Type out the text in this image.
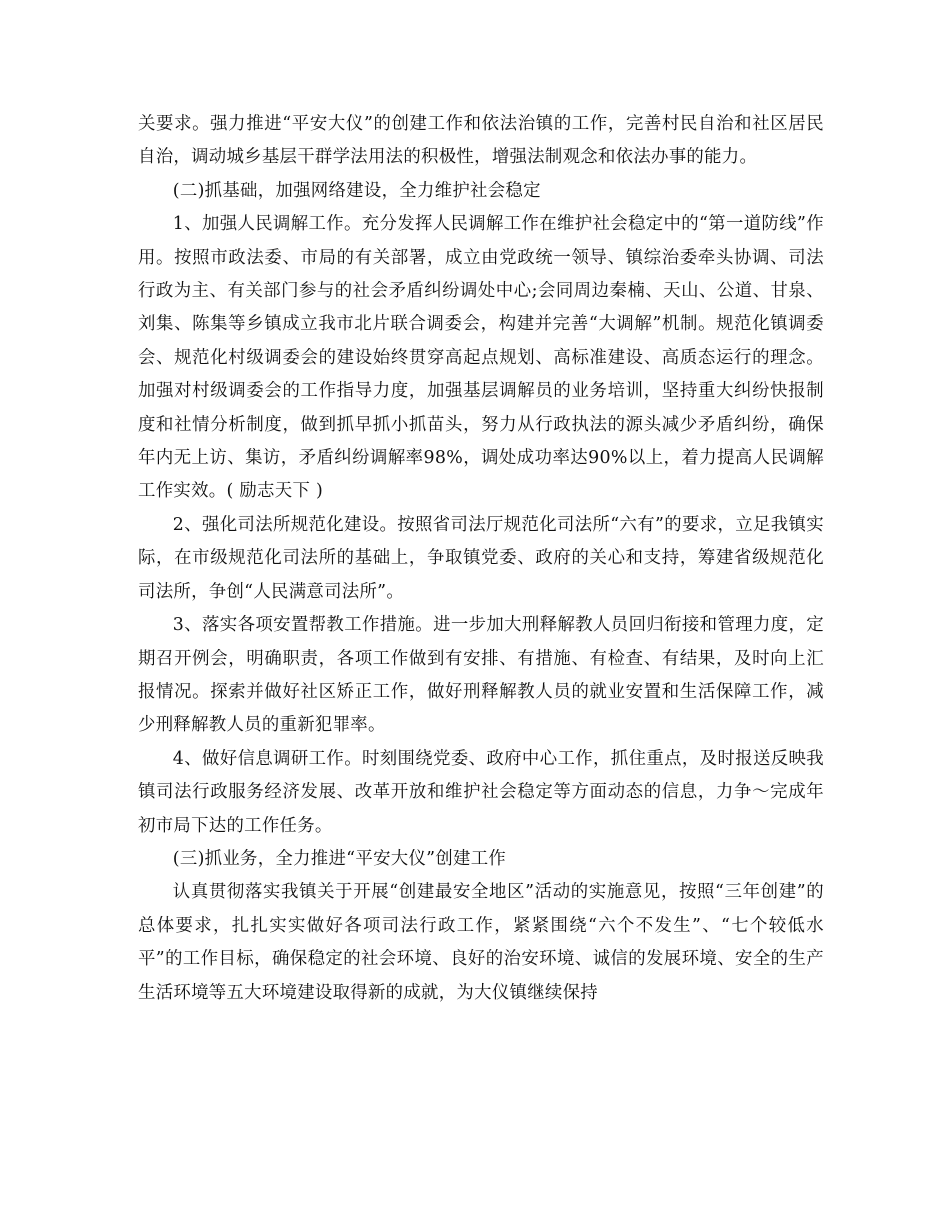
关要求。强力推进“平安大仪”的创建工作和依法治镇的工作，完善村民自治和社区居民自治，调动城乡基层干群学法用法的积极性，增强法制观念和依法办事的能力。

(二)抓基础，加强网络建设，全力维护社会稳定

1、加强人民调解工作。充分发挥人民调解工作在维护社会稳定中的“第一道防线”作用。按照市政法委、市局的有关部署，成立由党政统一领导、镇综治委牵头协调、司法行政为主、有关部门参与的社会矛盾纠纷调处中心;会同周边秦楠、天山、公道、甘泉、刘集、陈集等乡镇成立我市北片联合调委会，构建并完善“大调解”机制。规范化镇调委会、规范化村级调委会的建设始终贯穿高起点规划、高标准建设、高质态运行的理念。加强对村级调委会的工作指导力度，加强基层调解员的业务培训，坚持重大纠纷快报制度和社情分析制度，做到抓早抓小抓苗头，努力从行政执法的源头减少矛盾纠纷，确保年内无上访、集访，矛盾纠纷调解率98%，调处成功率达90%以上，着力提高人民调解工作实效。( 励志天下 )

2、强化司法所规范化建设。按照省司法厅规范化司法所“六有”的要求，立足我镇实际，在市级规范化司法所的基础上，争取镇党委、政府的关心和支持，筹建省级规范化司法所，争创“人民满意司法所”。

3、落实各项安置帮教工作措施。进一步加大刑释解教人员回归衔接和管理力度，定期召开例会，明确职责，各项工作做到有安排、有措施、有检查、有结果，及时向上汇报情况。探索并做好社区矫正工作，做好刑释解教人员的就业安置和生活保障工作，减少刑释解教人员的重新犯罪率。

4、做好信息调研工作。时刻围绕党委、政府中心工作，抓住重点，及时报送反映我镇司法行政服务经济发展、改革开放和维护社会稳定等方面动态的信息，力争～完成年初市局下达的工作任务。

(三)抓业务，全力推进“平安大仪”创建工作

认真贯彻落实我镇关于开展“创建最安全地区”活动的实施意见，按照“三年创建”的总体要求，扎扎实实做好各项司法行政工作，紧紧围绕“六个不发生”、“七个较低水平”的工作目标，确保稳定的社会环境、良好的治安环境、诚信的发展环境、安全的生产生活环境等五大环境建设取得新的成就，为大仪镇继续保持
